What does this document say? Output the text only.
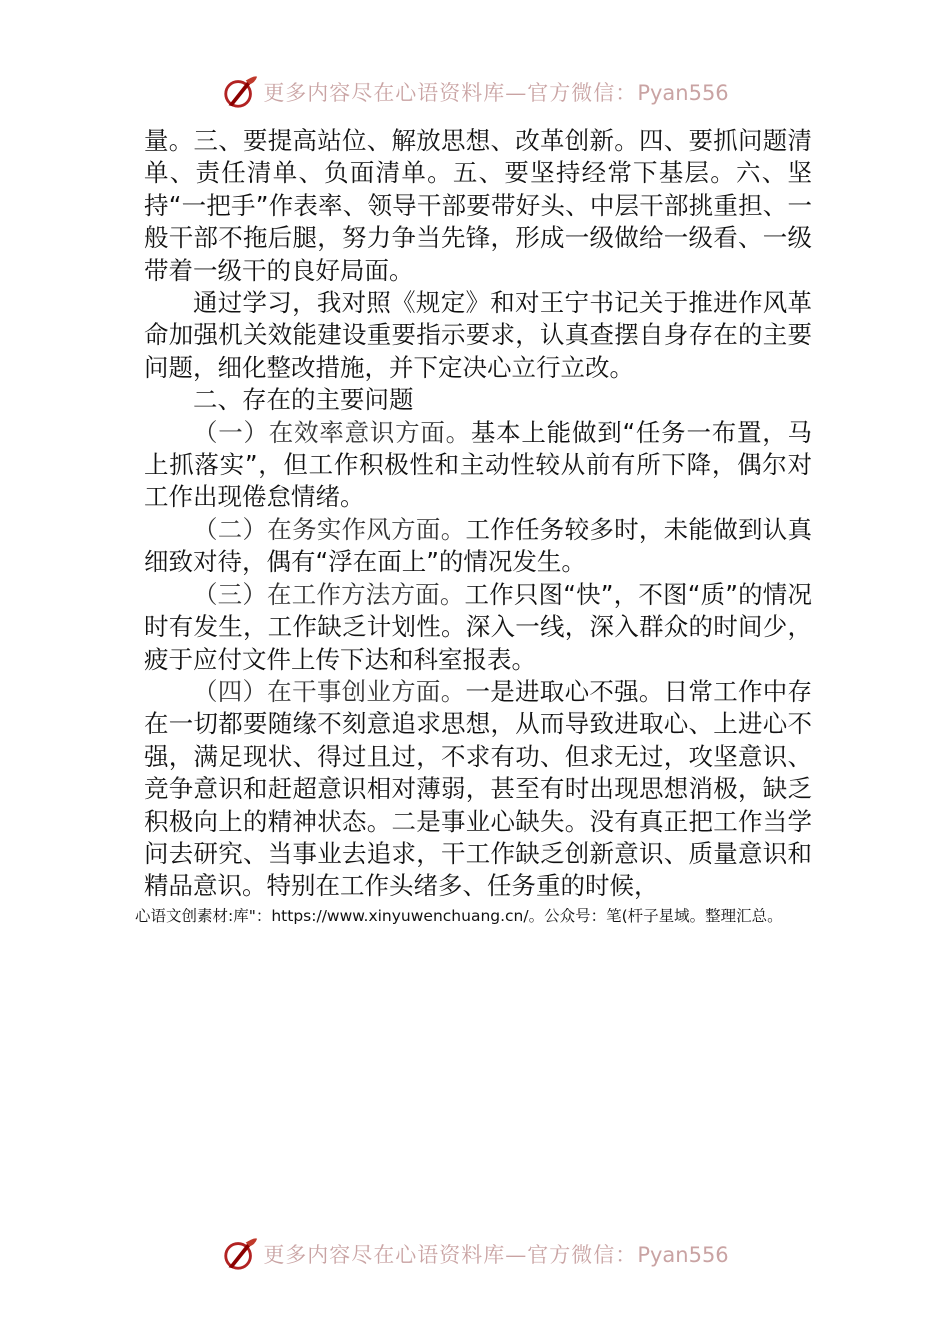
更多内容尽在心语资料库—官方微信：Pyan556

量。三、要提高站位、解放思想、改革创新。四、要抓问题清单、责任清单、负面清单。五、要坚持经常下基层。六、坚持“一把手”作表率、领导干部要带好头、中层干部挑重担、一般干部不拖后腿，努力争当先锋，形成一级做给一级看、一级带着一级干的良好局面。

通过学习，我对照《规定》和对王宁书记关于推进作风革命加强机关效能建设重要指示要求，认真查摆自身存在的主要问题，细化整改措施，并下定决心立行立改。

二、存在的主要问题

（一）在效率意识方面。基本上能做到“任务一布置，马上抓落实”，但工作积极性和主动性较从前有所下降，偶尔对工作出现倦怠情绪。

（二）在务实作风方面。工作任务较多时，未能做到认真细致对待，偶有“浮在面上”的情况发生。

（三）在工作方法方面。工作只图“快”，不图“质”的情况时有发生，工作缺乏计划性。深入一线，深入群众的时间少，疲于应付文件上传下达和科室报表。

（四）在干事创业方面。一是进取心不强。日常工作中存在一切都要随缘不刻意追求思想，从而导致进取心、上进心不强，满足现状、得过且过，不求有功、但求无过，攻坚意识、竞争意识和赶超意识相对薄弱，甚至有时出现思想消极，缺乏积极向上的精神状态。二是事业心缺失。没有真正把工作当学问去研究、当事业去追求，干工作缺乏创新意识、质量意识和精品意识。特别在工作头绪多、任务重的时候，

心语文创素材:库"：https://www.xinyuwenchuang.cn/。公众号：笔(杆子星域。整理汇总。
更多内容尽在心语资料库—官方微信：Pyan556
